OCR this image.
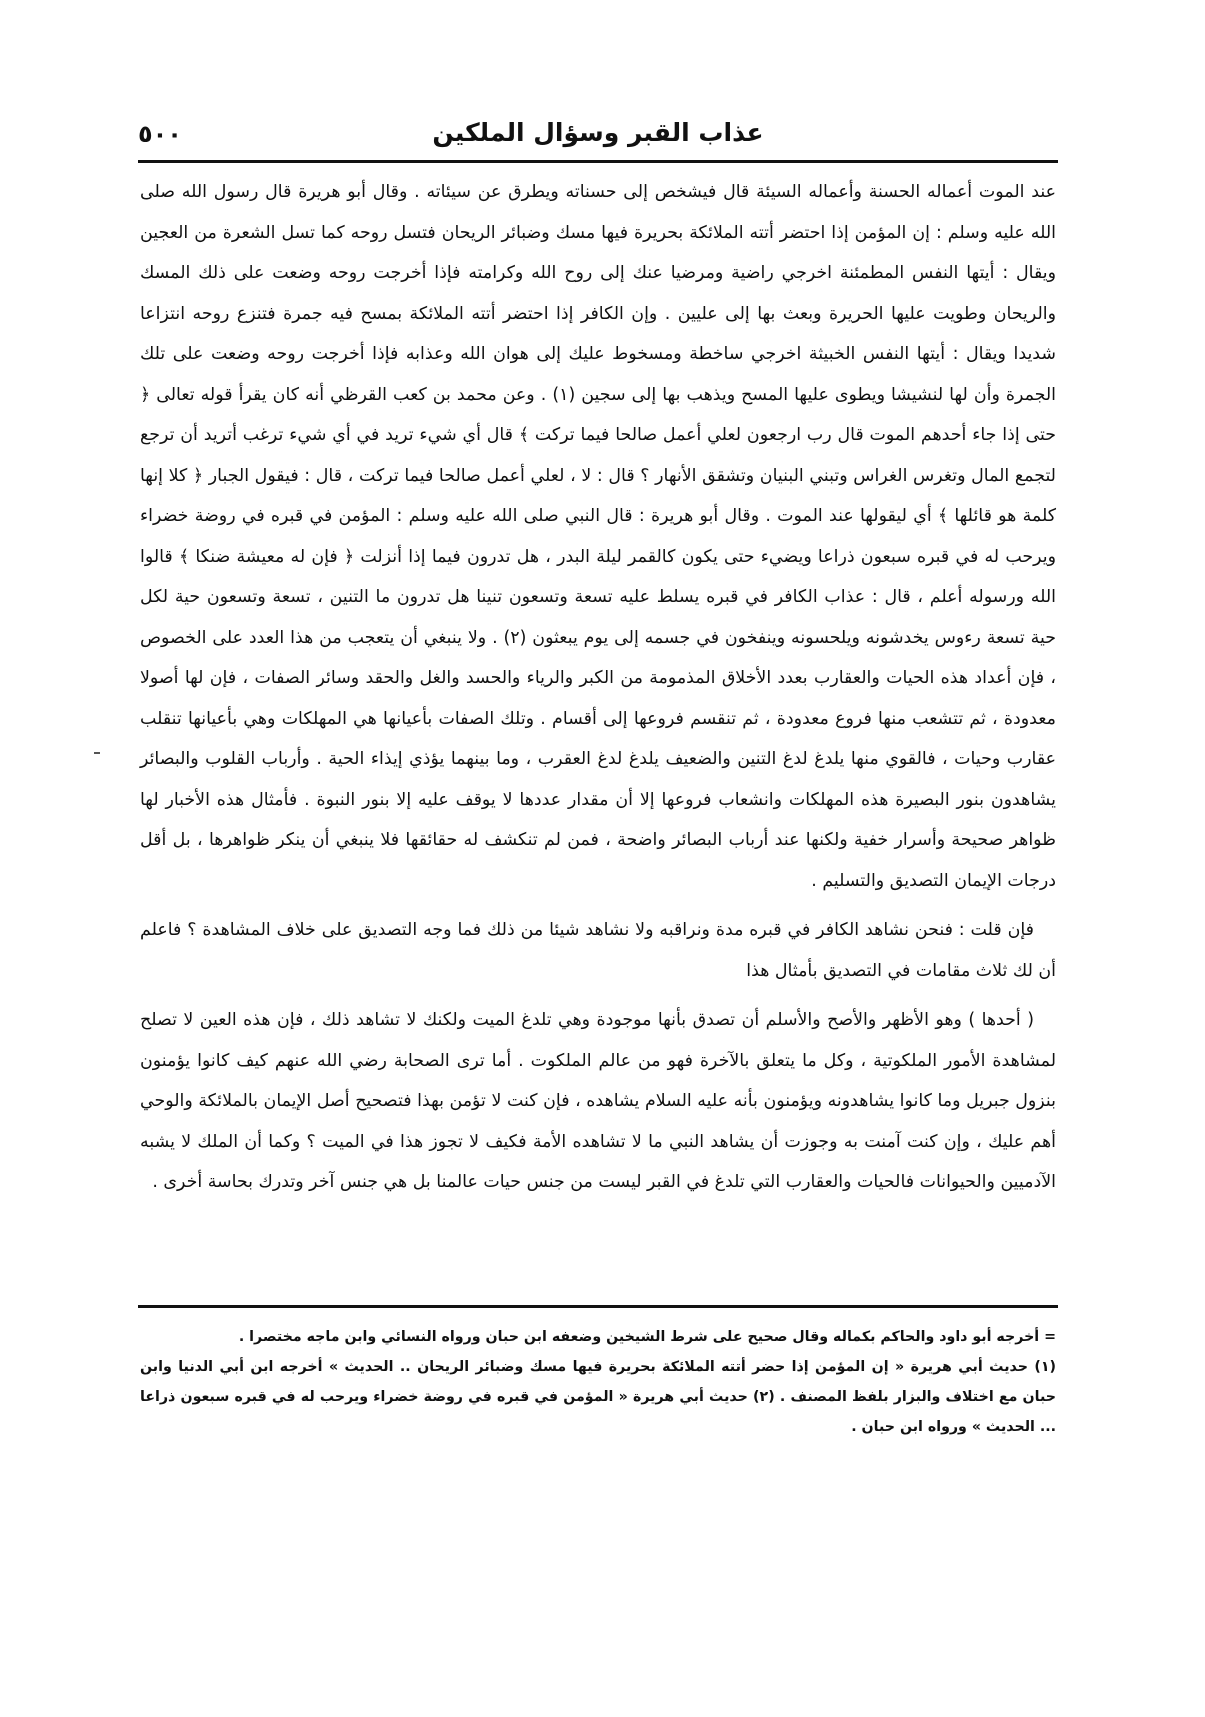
عذاب القبر وسؤال الملكين
٥٠٠

عند الموت أعماله الحسنة وأعماله السيئة قال فيشخص إلى حسناته ويطرق عن سيئاته . وقال أبو هريرة قال رسول الله صلى الله عليه وسلم : إن المؤمن إذا احتضر أتته الملائكة بحريرة فيها مسك وضبائر الريحان فتسل روحه كما تسل الشعرة من العجين ويقال : أيتها النفس المطمئنة اخرجي راضية ومرضيا عنك إلى روح الله وكرامته فإذا أخرجت روحه وضعت على ذلك المسك والريحان وطويت عليها الحريرة وبعث بها إلى عليين . وإن الكافر إذا احتضر أتته الملائكة بمسح فيه جمرة فتنزع روحه انتزاعا شديدا ويقال : أيتها النفس الخبيثة اخرجي ساخطة ومسخوط عليك إلى هوان الله وعذابه فإذا أخرجت روحه وضعت على تلك الجمرة وأن لها لنشيشا ويطوى عليها المسح ويذهب بها إلى سجين (١) . وعن محمد بن كعب القرظي أنه كان يقرأ قوله تعالى ﴿ حتى إذا جاء أحدهم الموت قال رب ارجعون لعلي أعمل صالحا فيما تركت ﴾ قال أي شيء تريد في أي شيء ترغب أتريد أن ترجع لتجمع المال وتغرس الغراس وتبني البنيان وتشقق الأنهار ؟ قال : لا ، لعلي أعمل صالحا فيما تركت ، قال : فيقول الجبار ﴿ كلا إنها كلمة هو قائلها ﴾ أي ليقولها عند الموت . وقال أبو هريرة : قال النبي صلى الله عليه وسلم : المؤمن في قبره في روضة خضراء ويرحب له في قبره سبعون ذراعا ويضيء حتى يكون كالقمر ليلة البدر ، هل تدرون فيما إذا أنزلت ﴿ فإن له معيشة ضنكا ﴾ قالوا الله ورسوله أعلم ، قال : عذاب الكافر في قبره يسلط عليه تسعة وتسعون تنينا هل تدرون ما التنين ، تسعة وتسعون حية لكل حية تسعة رءوس يخدشونه ويلحسونه وينفخون في جسمه إلى يوم يبعثون (٢) . ولا ينبغي أن يتعجب من هذا العدد على الخصوص ، فإن أعداد هذه الحيات والعقارب بعدد الأخلاق المذمومة من الكبر والرياء والحسد والغل والحقد وسائر الصفات ، فإن لها أصولا معدودة ، ثم تتشعب منها فروع معدودة ، ثم تنقسم فروعها إلى أقسام . وتلك الصفات بأعيانها هي المهلكات وهي بأعيانها تنقلب عقارب وحيات ، فالقوي منها يلدغ لدغ التنين والضعيف يلدغ لدغ العقرب ، وما بينهما يؤذي إيذاء الحية . وأرباب القلوب والبصائر يشاهدون بنور البصيرة هذه المهلكات وانشعاب فروعها إلا أن مقدار عددها لا يوقف عليه إلا بنور النبوة . فأمثال هذه الأخبار لها ظواهر صحيحة وأسرار خفية ولكنها عند أرباب البصائر واضحة ، فمن لم تنكشف له حقائقها فلا ينبغي أن ينكر ظواهرها ، بل أقل درجات الإيمان التصديق والتسليم .

فإن قلت : فنحن نشاهد الكافر في قبره مدة ونراقبه ولا نشاهد شيئا من ذلك فما وجه التصديق على خلاف المشاهدة ؟ فاعلم أن لك ثلاث مقامات في التصديق بأمثال هذا

( أحدها ) وهو الأظهر والأصح والأسلم أن تصدق بأنها موجودة وهي تلدغ الميت ولكنك لا تشاهد ذلك ، فإن هذه العين لا تصلح لمشاهدة الأمور الملكوتية ، وكل ما يتعلق بالآخرة فهو من عالم الملكوت . أما ترى الصحابة رضي الله عنهم كيف كانوا يؤمنون بنزول جبريل وما كانوا يشاهدونه ويؤمنون بأنه عليه السلام يشاهده ، فإن كنت لا تؤمن بهذا فتصحيح أصل الإيمان بالملائكة والوحي أهم عليك ، وإن كنت آمنت به وجوزت أن يشاهد النبي ما لا تشاهده الأمة فكيف لا تجوز هذا في الميت ؟ وكما أن الملك لا يشبه الآدميين والحيوانات فالحيات والعقارب التي تلدغ في القبر ليست من جنس حيات عالمنا بل هي جنس آخر وتدرك بحاسة أخرى .

= أخرجه أبو داود والحاكم بكماله وقال صحيح على شرط الشيخين وضعفه ابن حبان ورواه النسائي وابن ماجه مختصرا .

(١) حديث أبي هريرة « إن المؤمن إذا حضر أتته الملائكة بحريرة فيها مسك وضبائر الريحان .. الحديث » أخرجه ابن أبي الدنيا وابن حبان مع اختلاف والبزار بلفظ المصنف . (٢) حديث أبي هريرة « المؤمن في قبره في روضة خضراء ويرحب له في قبره سبعون ذراعا ... الحديث » ورواه ابن حبان .
